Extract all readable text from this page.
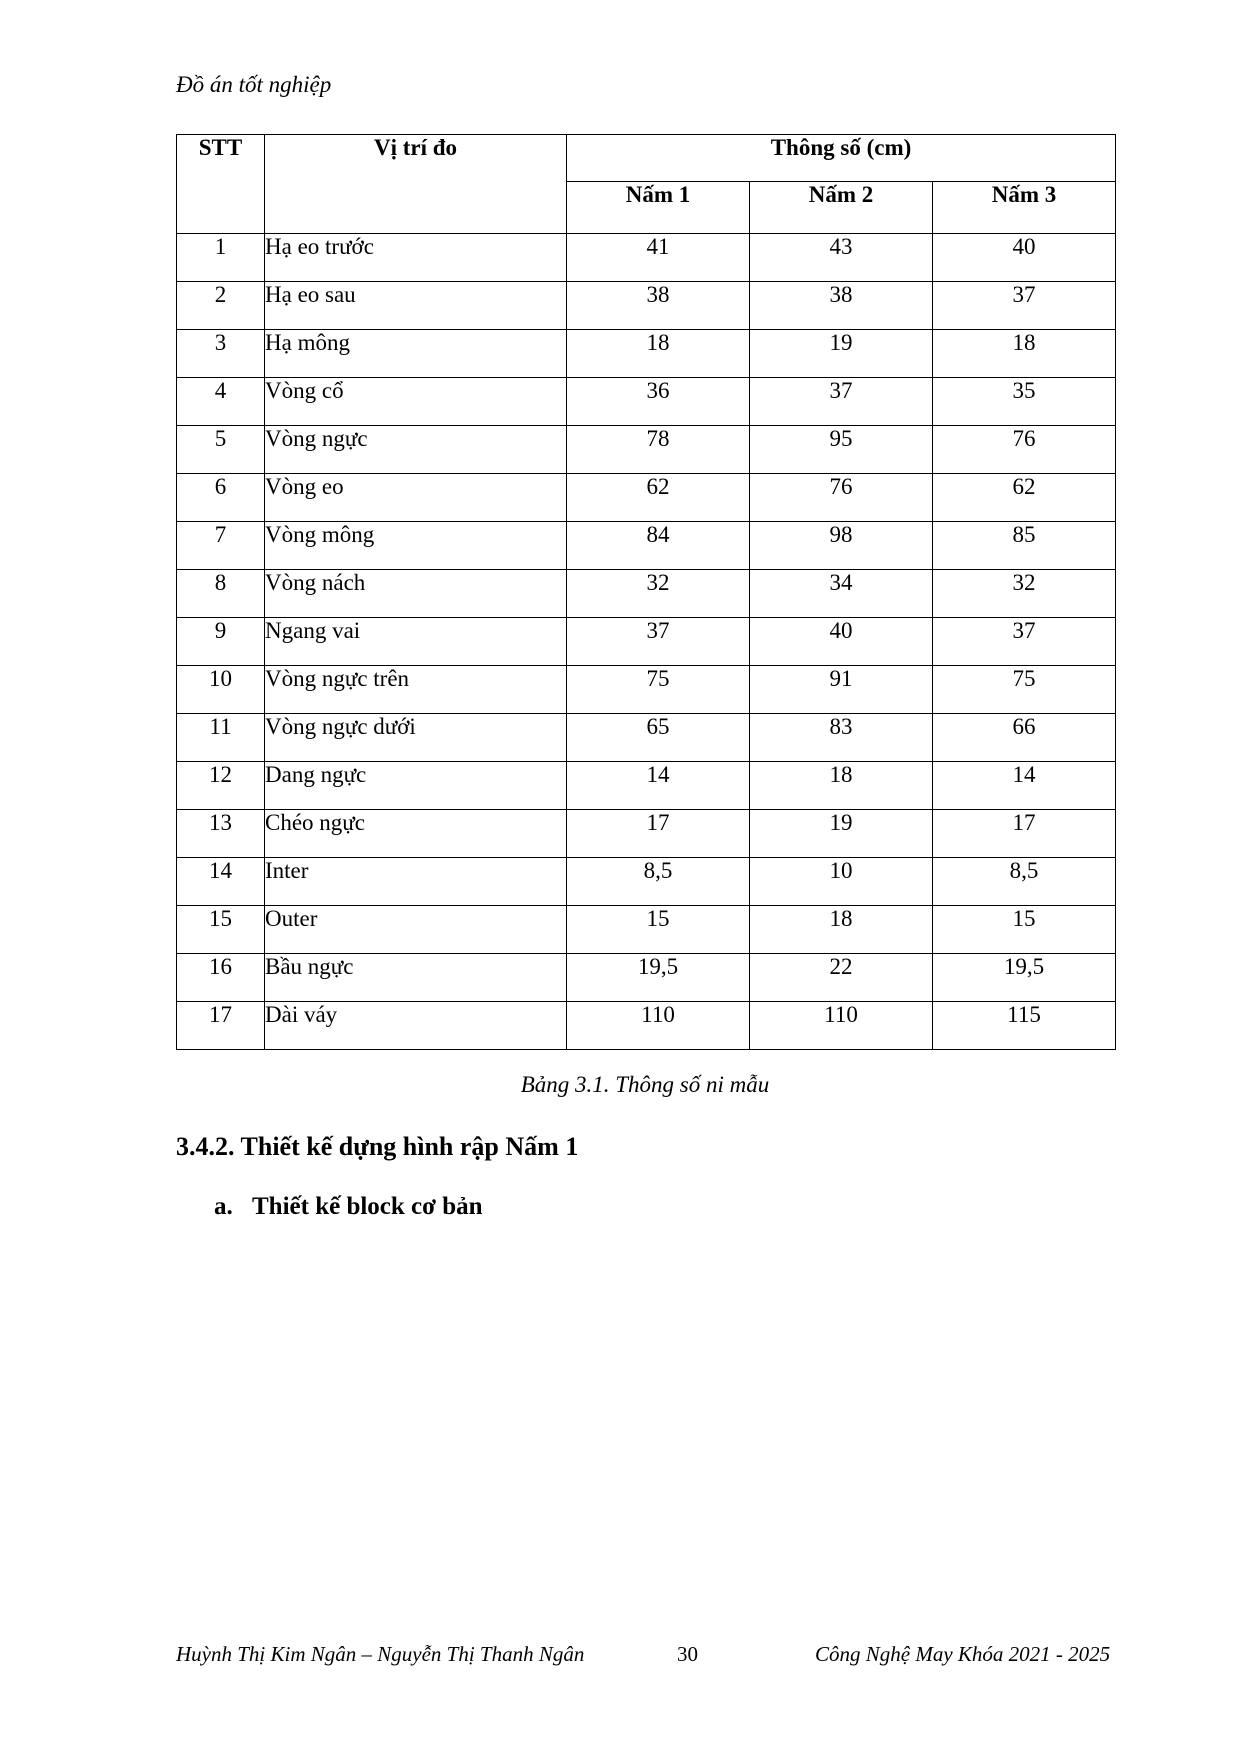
Đồ án tốt nghiệp
STT	Vị trí đo	Thông số (cm)		
		Nấm 1	Nấm 2	Nấm 3
1	Hạ eo trước	41	43	40
2	Hạ eo sau	38	38	37
3	Hạ mông	18	19	18
4	Vòng cổ	36	37	35
5	Vòng ngực	78	95	76
6	Vòng eo	62	76	62
7	Vòng mông	84	98	85
8	Vòng nách	32	34	32
9	Ngang vai	37	40	37
10	Vòng ngực trên	75	91	75
11	Vòng ngực dưới	65	83	66
12	Dang ngực	14	18	14
13	Chéo ngực	17	19	17
14	Inter	8,5	10	8,5
15	Outer	15	18	15
16	Bầu ngực	19,5	22	19,5
17	Dài váy	110	110	115
Bảng 3.1. Thông số ni mẫu
3.4.2. Thiết kế dựng hình rập Nấm 1
a. Thiết kế block cơ bản
Huỳnh Thị Kim Ngân – Nguyễn Thị Thanh Ngân	30	Công Nghệ May Khóa 2021 - 2025
